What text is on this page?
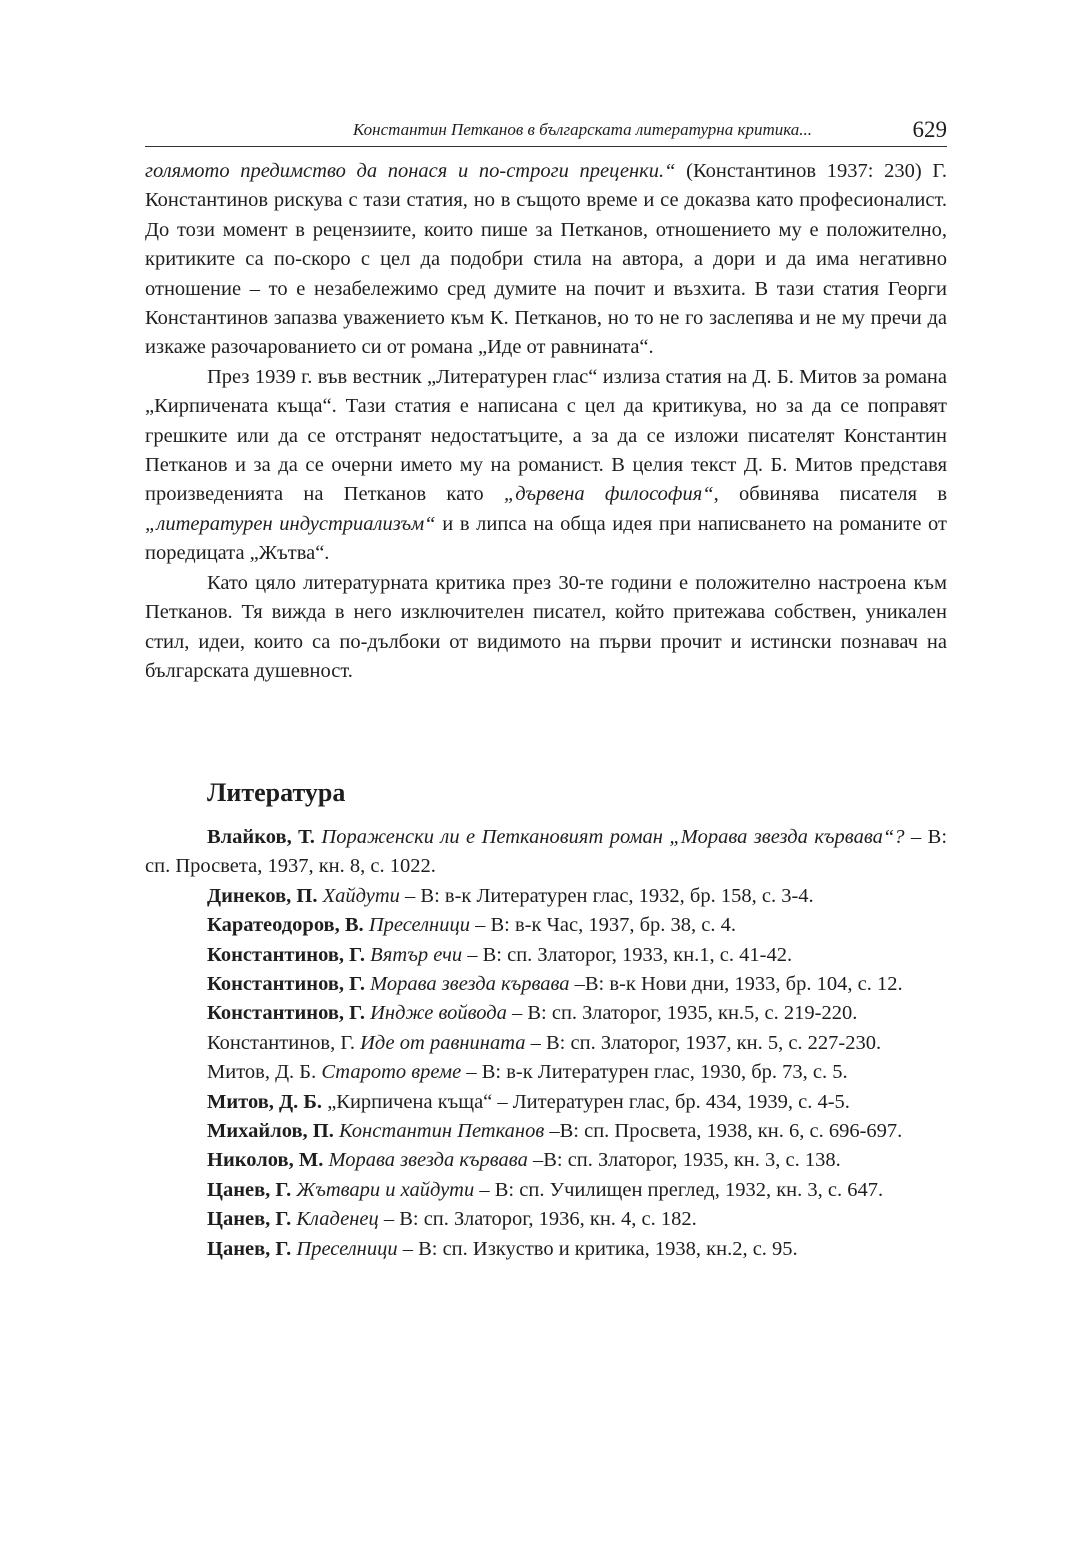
Константин Петканов в българската литературна критика...	629

голямото предимство да понася и по-строги преценки.“ (Константинов 1937: 230) Г. Константинов рискува с тази статия, но в същото време и се доказва като професионалист. До този момент в рецензиите, които пише за Петканов, отношението му е положително, критиките са по-скоро с цел да подобри стила на автора, а дори и да има негативно отношение – то е незабележимо сред думите на почит и възхита. В тази статия Георги Константинов запазва уважението към К. Петканов, но то не го заслепява и не му пречи да изкаже разочарованието си от романа „Иде от равнината“.

През 1939 г. във вестник „Литературен глас“ излиза статия на Д. Б. Митов за романа „Кирпичената къща“. Тази статия е написана с цел да критикува, но за да се поправят грешките или да се отстранят недостатъците, а за да се изложи писателят Константин Петканов и за да се очерни името му на романист. В целия текст Д. Б. Митов представя произведенията на Петканов като „дървена философия“, обвинява писателя в „литературен индустриализъм“ и в липса на обща идея при написването на романите от поредицата „Жътва“.

Като цяло литературната критика през 30-те години е положително настроена към Петканов. Тя вижда в него изключителен писател, който притежава собствен, уникален стил, идеи, които са по-дълбоки от видимото на първи прочит и истински познавач на българската душевност.

Литература

Влайков, Т. Пораженски ли е Петкановият роман „Морава звезда кървава“? – В: сп. Просвета, 1937, кн. 8, с. 1022.

Динеков, П. Хайдути – В: в-к Литературен глас, 1932, бр. 158, с. 3-4.

Каратеодоров, В. Преселници – В: в-к Час, 1937, бр. 38, с. 4.

Константинов, Г. Вятър ечи – В: сп. Златорог, 1933, кн.1, с. 41-42.

Константинов, Г. Морава звезда кървава –В: в-к Нови дни, 1933, бр. 104, с. 12.

Константинов, Г. Индже войвода – В: сп. Златорог, 1935, кн.5, с. 219-220.

Константинов, Г. Иде от равнината – В: сп. Златорог, 1937, кн. 5, с. 227-230.

Митов, Д. Б. Старото време – В: в-к Литературен глас, 1930, бр. 73, с. 5.

Митов, Д. Б. „Кирпичена къща“ – Литературен глас, бр. 434, 1939, с. 4-5.

Михайлов, П. Константин Петканов –В: сп. Просвета, 1938, кн. 6, с. 696-697.

Николов, М. Морава звезда кървава –В: сп. Златорог, 1935, кн. 3, с. 138.

Цанев, Г. Жътвари и хайдути – В: сп. Училищен преглед, 1932, кн. 3, с. 647.

Цанев, Г. Кладенец – В: сп. Златорог, 1936, кн. 4, с. 182.

Цанев, Г. Преселници – В: сп. Изкуство и критика, 1938, кн.2, с. 95.
